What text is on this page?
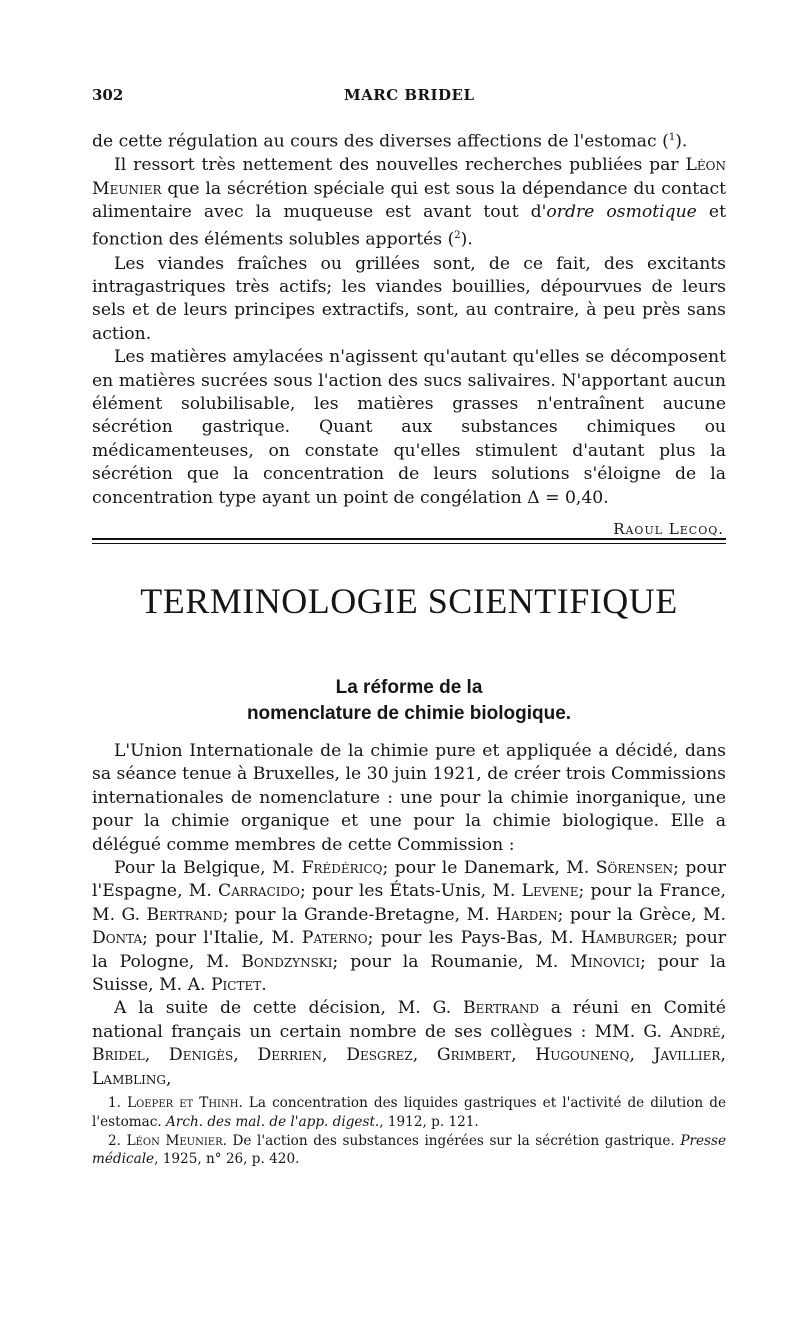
302	MARC BRIDEL

de cette régulation au cours des diverses affections de l'estomac ($^1$).

Il ressort très nettement des nouvelles recherches publiées par Léon Meunier que la sécrétion spéciale qui est sous la dépendance du contact alimentaire avec la muqueuse est avant tout d'ordre osmotique et fonction des éléments solubles apportés ($^2$).

Les viandes fraîches ou grillées sont, de ce fait, des excitants intragastriques très actifs; les viandes bouillies, dépourvues de leurs sels et de leurs principes extractifs, sont, au contraire, à peu près sans action.

Les matières amylacées n'agissent qu'autant qu'elles se décomposent en matières sucrées sous l'action des sucs salivaires. N'apportant aucun élément solubilisable, les matières grasses n'entraînent aucune sécrétion gastrique. Quant aux substances chimiques ou médicamenteuses, on constate qu'elles stimulent d'autant plus la sécrétion que la concentration de leurs solutions s'éloigne de la concentration type ayant un point de congélation Δ = 0,40.

Raoul Lecoq.
TERMINOLOGIE SCIENTIFIQUE
La réforme de la
nomenclature de chimie biologique.

L'Union Internationale de la chimie pure et appliquée a décidé, dans sa séance tenue à Bruxelles, le 30 juin 1921, de créer trois Commissions internationales de nomenclature : une pour la chimie inorganique, une pour la chimie organique et une pour la chimie biologique. Elle a délégué comme membres de cette Commission :

Pour la Belgique, M. Frédéricq; pour le Danemark, M. Sörensen; pour l'Espagne, M. Carracido; pour les États-Unis, M. Levene; pour la France, M. G. Bertrand; pour la Grande-Bretagne, M. Harden; pour la Grèce, M. Donta; pour l'Italie, M. Paterno; pour les Pays-Bas, M. Hamburger; pour la Pologne, M. Bondzynski; pour la Roumanie, M. Minovici; pour la Suisse, M. A. Pictet.

A la suite de cette décision, M. G. Bertrand a réuni en Comité national français un certain nombre de ses collègues : MM. G. André, Bridel, Denigès, Derrien, Desgrez, Grimbert, Hugounenq, Javillier, Lambling,

1. Loeper et Thinh. La concentration des liquides gastriques et l'activité de dilution de l'estomac. Arch. des mal. de l'app. digest., 1912, p. 121.

2. Léon Meunier. De l'action des substances ingérées sur la sécrétion gastrique. Presse médicale, 1925, n° 26, p. 420.
